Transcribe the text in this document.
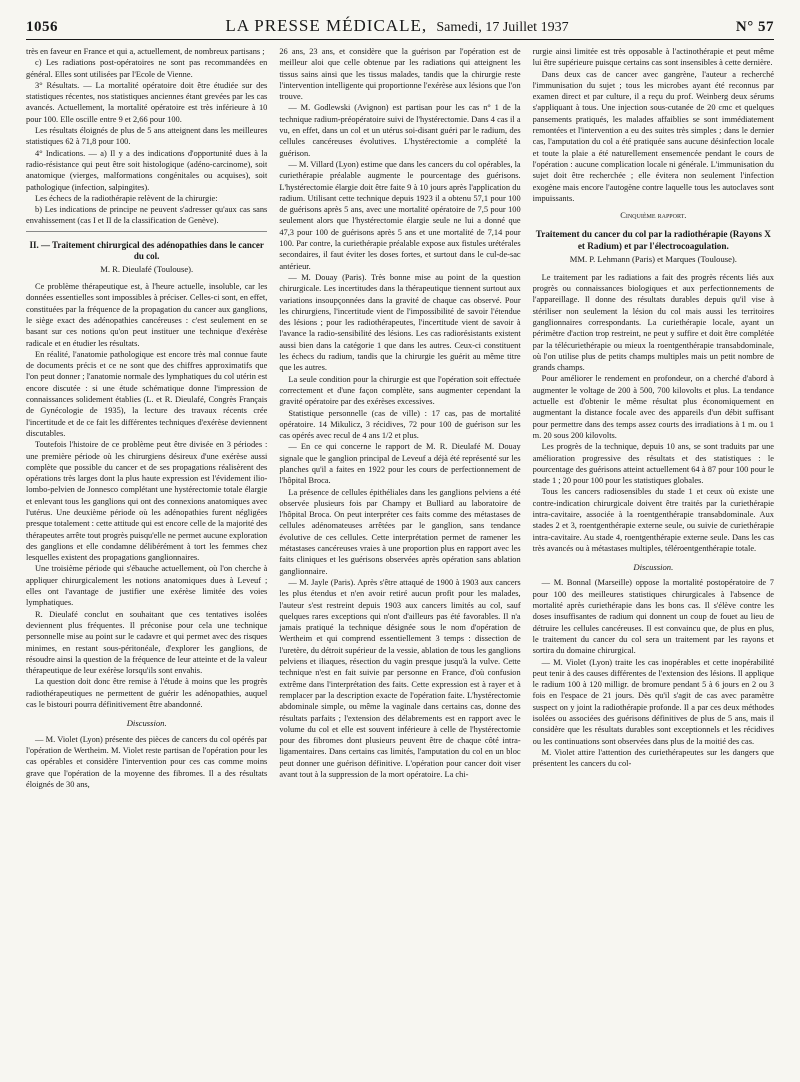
1056	LA PRESSE MÉDICALE, Samedi, 17 Juillet 1937	N° 57

très en faveur en France et qui a, actuellement, de nombreux partisans ;

c) Les radiations post-opératoires ne sont pas recommandées en général. Elles sont utilisées par l'Ecole de Vienne.

3° Résultats. — La mortalité opératoire doit être étudiée sur des statistiques récentes, nos statistiques anciennes étant grevées par les cas avancés. Actuellement, la mortalité opératoire est très inférieure à 10 pour 100. Elle oscille entre 9 et 2,66 pour 100.

Les résultats éloignés de plus de 5 ans atteignent dans les meilleures statistiques 62 à 71,8 pour 100.

4° Indications. — a) Il y a des indications d'opportunité dues à la radio-résistance qui peut être soit histologique (adéno-carcinome), soit anatomique (vierges, malformations congénitales ou acquises), soit pathologique (infection, salpingites).

Les échecs de la radiothérapie relèvent de la chirurgie:

b) Les indications de principe ne peuvent s'adresser qu'aux cas sans envahissement (cas I et II de la classification de Genève).

II. — Traitement chirurgical des adénopathies dans le cancer du col.
M. R. Dieulafé (Toulouse).

Ce problème thérapeutique est, à l'heure actuelle, insoluble, car les données essentielles sont impossibles à préciser. Celles-ci sont, en effet, constituées par la fréquence de la propagation du cancer aux ganglions, le siège exact des adénopathies cancéreuses : c'est seulement en se basant sur ces notions qu'on peut instituer une technique d'exérèse radicale et en étudier les résultats.

En réalité, l'anatomie pathologique est encore très mal connue faute de documents précis et ce ne sont que des chiffres approximatifs que l'on peut donner ; l'anatomie normale des lymphatiques du col utérin est encore discutée : si une étude schématique donne l'impression de connaissances solidement établies (L. et R. Dieulafé, Congrès Français de Gynécologie de 1935), la lecture des travaux récents crée l'incertitude et de ce fait les différentes techniques d'exérèse deviennent discutables.

Toutefois l'histoire de ce problème peut être divisée en 3 périodes : une première période où les chirurgiens désireux d'une exérèse aussi complète que possible du cancer et de ses propagations réalisèrent des opérations très larges dont la plus haute expression est l'évidement ilio-lombo-pelvien de Jonnesco complétant une hystérectomie totale élargie et enlevant tous les ganglions qui ont des connexions anatomiques avec l'utérus. Une deuxième période où les adénopathies furent négligées presque totalement : cette attitude qui est encore celle de la majorité des thérapeutes arrête tout progrès puisqu'elle ne permet aucune exploration des ganglions et elle condamne délibérément à tort les femmes chez lesquelles existent des propagations ganglionnaires.

Une troisième période qui s'ébauche actuellement, où l'on cherche à appliquer chirurgicalement les notions anatomiques dues à Leveuf ; elles ont l'avantage de justifier une exérèse limitée des voies lymphatiques.

R. Dieulafé conclut en souhaitant que ces tentatives isolées deviennent plus fréquentes. Il préconise pour cela une technique personnelle mise au point sur le cadavre et qui permet avec des risques minimes, en restant sous-péritonéale, d'explorer les ganglions, de résoudre ainsi la question de la fréquence de leur atteinte et de la valeur thérapeutique de leur exérèse lorsqu'ils sont envahis.

La question doit donc être remise à l'étude à moins que les progrès radiothérapeutiques ne permettent de guérir les adénopathies, auquel cas le bistouri pourra définitivement être abandonné.

Discussion.

— M. Violet (Lyon) présente des pièces de cancers du col opérés par l'opération de Wertheim. M. Violet reste partisan de l'opération pour les cas opérables et considère l'intervention pour ces cas comme moins grave que l'opération de la moyenne des fibromes. Il a des résultats éloignés de 30 ans,

26 ans, 23 ans, et considère que la guérison par l'opération est de meilleur aloi que celle obtenue par les radiations qui atteignent les tissus sains ainsi que les tissus malades, tandis que la chirurgie reste l'intervention intelligente qui proportionne l'exérèse aux lésions que l'on trouve.

— M. Godlewski (Avignon) est partisan pour les cas n° 1 de la technique radium-préopératoire suivi de l'hystérectomie. Dans 4 cas il a vu, en effet, dans un col et un utérus soi-disant guéri par le radium, des cellules cancéreuses évolutives. L'hystérectomie a complété la guérison.

— M. Villard (Lyon) estime que dans les cancers du col opérables, la curiethérapie préalable augmente le pourcentage des guérisons. L'hystérectomie élargie doit être faite 9 à 10 jours après l'application du radium. Utilisant cette technique depuis 1923 il a obtenu 57,1 pour 100 de guérisons après 5 ans, avec une mortalité opératoire de 7,5 pour 100 seulement alors que l'hystérectomie élargie seule ne lui a donné que 47,3 pour 100 de guérisons après 5 ans et une mortalité de 7,14 pour 100. Par contre, la curiethérapie préalable expose aux fistules urétérales secondaires, il faut éviter les doses fortes, et surtout dans le cul-de-sac antérieur.

— M. Douay (Paris). Très bonne mise au point de la question chirurgicale. Les incertitudes dans la thérapeutique tiennent surtout aux variations insoupçonnées dans la gravité de chaque cas observé. Pour les chirurgiens, l'incertitude vient de l'impossibilité de savoir l'étendue des lésions ; pour les radiothérapeutes, l'incertitude vient de savoir à l'avance la radio-sensibilité des lésions. Les cas radiorésistants existent aussi bien dans la catégorie 1 que dans les autres. Ceux-ci constituent les échecs du radium, tandis que la chirurgie les guérit au même titre que les autres.

La seule condition pour la chirurgie est que l'opération soit effectuée correctement et d'une façon complète, sans augmenter cependant la gravité opératoire par des exérèses excessives.

Statistique personnelle (cas de ville) : 17 cas, pas de mortalité opératoire. 14 Mikulicz, 3 récidives, 72 pour 100 de guérison sur les cas opérés avec recul de 4 ans 1/2 et plus.

— En ce qui concerne le rapport de M. R. Dieulafé M. Douay signale que le ganglion principal de Leveuf a déjà été représenté sur les planches qu'il a faites en 1922 pour les cours de perfectionnement de l'hôpital Broca.

La présence de cellules épithéliales dans les ganglions pelviens a été observée plusieurs fois par Champy et Bulliard au laboratoire de l'hôpital Broca. On peut interpréter ces faits comme des métastases de cellules adénomateuses arrêtées par le ganglion, sans tendance évolutive de ces cellules. Cette interprétation permet de ramener les métastases cancéreuses vraies à une proportion plus en rapport avec les faits cliniques et les guérisons observées après opération sans ablation ganglionnaire.

— M. Jayle (Paris). Après s'être attaqué de 1900 à 1903 aux cancers les plus étendus et n'en avoir retiré aucun profit pour les malades, l'auteur s'est restreint depuis 1903 aux cancers limités au col, sauf quelques rares exceptions qui n'ont d'ailleurs pas été favorables. Il n'a jamais pratiqué la technique désignée sous le nom d'opération de Wertheim et qui comprend essentiellement 3 temps : dissection de l'uretère, du détroit supérieur de la vessie, ablation de tous les ganglions pelviens et iliaques, résection du vagin presque jusqu'à la vulve. Cette technique n'est en fait suivie par personne en France, d'où confusion extrême dans l'interprétation des faits. Cette expression est à rayer et à remplacer par la description exacte de l'opération faite. L'hystérectomie abdominale simple, ou même la vaginale dans certains cas, donne des résultats parfaits ; l'extension des délabrements est en rapport avec le volume du col et elle est souvent inférieure à celle de l'hystérectomie pour des fibromes dont plusieurs peuvent être de chaque côté intra-ligamentaires. Dans certains cas limités, l'amputation du col en un bloc peut donner une guérison définitive. L'opération pour cancer doit viser avant tout à la suppression de la mort opératoire. La chi-

rurgie ainsi limitée est très opposable à l'actinothérapie et peut même lui être supérieure puisque certains cas sont insensibles à cette dernière.

Dans deux cas de cancer avec gangrène, l'auteur a recherché l'immunisation du sujet ; tous les microbes ayant été reconnus par examen direct et par culture, il a reçu du prof. Weinberg deux sérums s'appliquant à tous. Une injection sous-cutanée de 20 cmc et quelques pansements pratiqués, les malades affaiblies se sont immédiatement remontées et l'intervention a eu des suites très simples ; dans le dernier cas, l'amputation du col a été pratiquée sans aucune désinfection locale et toute la plaie a été naturellement ensemencée pendant le cours de l'opération : aucune complication locale ni générale. L'immunisation du sujet doit être recherchée ; elle évitera non seulement l'infection exogène mais encore l'autogène contre laquelle tous les autoclaves sont impuissants.

Cinquième rapport.
Traitement du cancer du col par la radiothérapie (Rayons X et Radium) et par l'électrocoagulation.
MM. P. Lehmann (Paris) et Marques (Toulouse).

Le traitement par les radiations a fait des progrès récents liés aux progrès ou connaissances biologiques et aux perfectionnements de l'appareillage. Il donne des résultats durables depuis qu'il vise à stériliser non seulement la lésion du col mais aussi les territoires ganglionnaires correspondants. La curiethérapie locale, ayant un périmètre d'action trop restreint, ne peut y suffire et doit être complétée par la télécuriethérapie ou mieux la roentgenthérapie transabdominale, où l'on utilise plus de petits champs multiples mais un petit nombre de grands champs.

Pour améliorer le rendement en profondeur, on a cherché d'abord à augmenter le voltage de 200 à 500, 700 kilovolts et plus. La tendance actuelle est d'obtenir le même résultat plus économiquement en augmentant la distance focale avec des appareils d'un débit suffisant pour permettre dans des temps assez courts des irradiations à 1 m. ou 1 m. 20 sous 200 kilovolts.

Les progrès de la technique, depuis 10 ans, se sont traduits par une amélioration progressive des résultats et des statistiques : le pourcentage des guérisons atteint actuellement 64 à 87 pour 100 pour le stade 1 ; 20 pour 100 pour les statistiques globales.

Tous les cancers radiosensibles du stade 1 et ceux où existe une contre-indication chirurgicale doivent être traités par la curiethérapie intra-cavitaire, associée à la roentgenthérapie transabdominale. Aux stades 2 et 3, roentgenthérapie externe seule, ou suivie de curiethérapie intra-cavitaire. Au stade 4, roentgenthérapie externe seule. Dans les cas très avancés ou à métastases multiples, téléroentgenthérapie totale.

Discussion.

— M. Bonnal (Marseille) oppose la mortalité postopératoire de 7 pour 100 des meilleures statistiques chirurgicales à l'absence de mortalité après curiethérapie dans les bons cas. Il s'élève contre les doses insuffisantes de radium qui donnent un coup de fouet au lieu de détruire les cellules cancéreuses. Il est convaincu que, de plus en plus, le traitement du cancer du col sera un traitement par les rayons et sortira du domaine chirurgical.

— M. Violet (Lyon) traite les cas inopérables et cette inopérabilité peut tenir à des causes différentes de l'extension des lésions. Il applique le radium 100 à 120 milligr. de bromure pendant 5 à 6 jours en 2 ou 3 fois en l'espace de 21 jours. Dès qu'il s'agit de cas avec paramètre suspect on y joint la radiothérapie profonde. Il a par ces deux méthodes isolées ou associées des guérisons définitives de plus de 5 ans, mais il considère que les résultats durables sont exceptionnels et les récidives ou les continuations sont observées dans plus de la moitié des cas.

M. Violet attire l'attention des curiethérapeutes sur les dangers que présentent les cancers du col-
